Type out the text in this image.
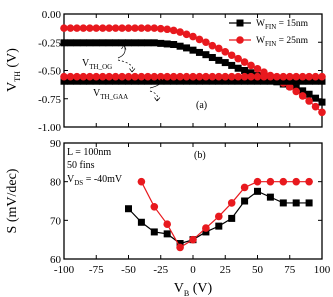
0.00
-0.25
-0.50
-0.75
-1.00
$V_{TH}$ (V)
(a)
$W_{FIN} = 15nm$
$W_{FIN} = 25nm$
$V_{TH\_OG}$
$V_{TH\_GAA}$
90
80
70
60
-100 -75 -50 -25 0 25 50 75 100
S (mV/dec)
$V_B$ (V)
(b)
L = 100nm
50 fins
$V_{DS} = -40mV$
